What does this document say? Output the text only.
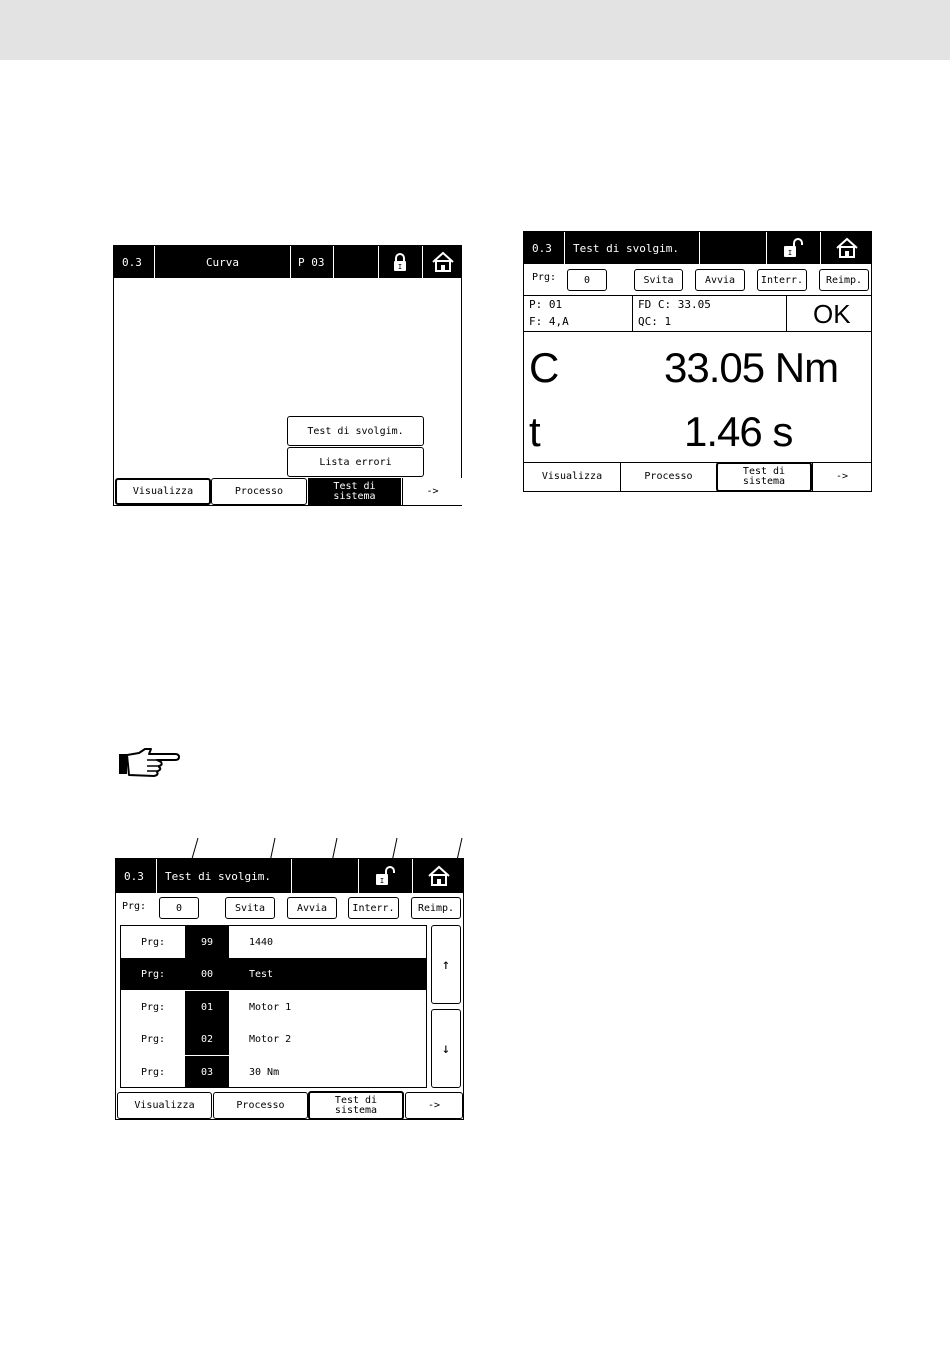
0.3	Curva	P 03	I
Test di svolgim.
Lista errori
Visualizza	Processo	Test di
sistema	->
0.3	Test di svolgim.	I
Prg:	0	Svita	Avvia	Interr.	Reimp.
P: 01
F: 4,A
FD C: 33.05
QC: 1	OK
C 33.05 Nm
t	1.46 s
Visualizza	Processo	Test di
sistema	->
0.3	Test di svolgim.	I
Prg:	0	Svita	Avvia	Interr.	Reimp.
Prg:	99	1440
Prg:	00	Test
Prg:	01	Motor 1
Prg:	02	Motor 2
Prg:	03	30 Nm
↑
↓
Visualizza	Processo	Test di
sistema	->
